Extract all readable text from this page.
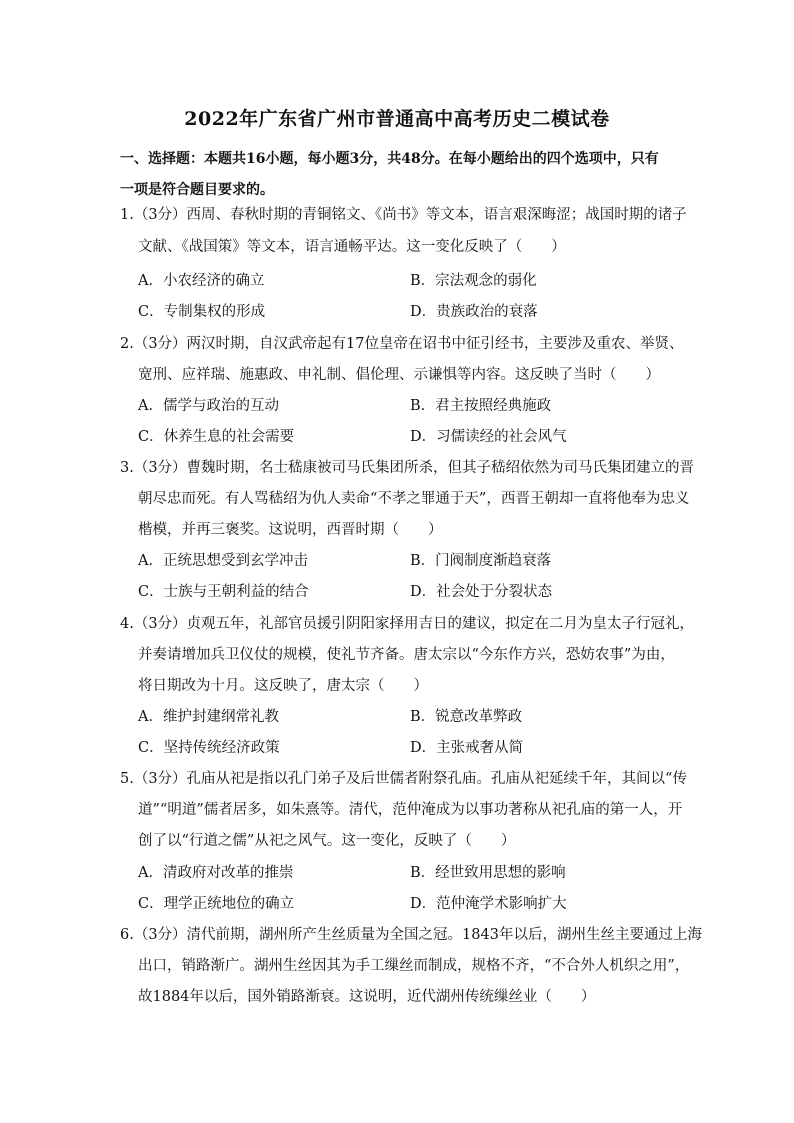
2022年广东省广州市普通高中高考历史二模试卷
一、选择题：本题共16小题，每小题3分，共48分。在每小题给出的四个选项中，只有
一项是符合题目要求的。
1.（3分）西周、春秋时期的青铜铭文、《尚书》等文本，语言艰深晦涩；战国时期的诸子
文献、《战国策》等文本，语言通畅平达。这一变化反映了（　　）
A．小农经济的确立	B．宗法观念的弱化
C．专制集权的形成	D．贵族政治的衰落
2.（3分）两汉时期，自汉武帝起有17位皇帝在诏书中征引经书，主要涉及重农、举贤、
宽刑、应祥瑞、施惠政、申礼制、倡伦理、示谦惧等内容。这反映了当时（　　）
A．儒学与政治的互动	B．君主按照经典施政
C．休养生息的社会需要	D．习儒读经的社会风气
3.（3分）曹魏时期，名士嵇康被司马氏集团所杀，但其子嵇绍依然为司马氏集团建立的晋
朝尽忠而死。有人骂嵇绍为仇人卖命“不孝之罪通于天”，西晋王朝却一直将他奉为忠义
楷模，并再三褒奖。这说明，西晋时期（　　）
A．正统思想受到玄学冲击	B．门阀制度渐趋衰落
C．士族与王朝利益的结合	D．社会处于分裂状态
4.（3分）贞观五年，礼部官员援引阴阳家择用吉日的建议，拟定在二月为皇太子行冠礼，
并奏请增加兵卫仪仗的规模，使礼节齐备。唐太宗以“今东作方兴，恐妨农事”为由，
将日期改为十月。这反映了，唐太宗（　　）
A．维护封建纲常礼教	B．锐意改革弊政
C．坚持传统经济政策	D．主张戒奢从简
5.（3分）孔庙从祀是指以孔门弟子及后世儒者附祭孔庙。孔庙从祀延续千年，其间以“传
道”“明道”儒者居多，如朱熹等。清代，范仲淹成为以事功著称从祀孔庙的第一人，开
创了以“行道之儒”从祀之风气。这一变化，反映了（　　）
A．清政府对改革的推崇	B．经世致用思想的影响
C．理学正统地位的确立	D．范仲淹学术影响扩大
6.（3分）清代前期，湖州所产生丝质量为全国之冠。1843年以后，湖州生丝主要通过上海
出口，销路渐广。湖州生丝因其为手工缫丝而制成，规格不齐，“不合外人机织之用”，
故1884年以后，国外销路渐衰。这说明，近代湖州传统缫丝业（　　）
